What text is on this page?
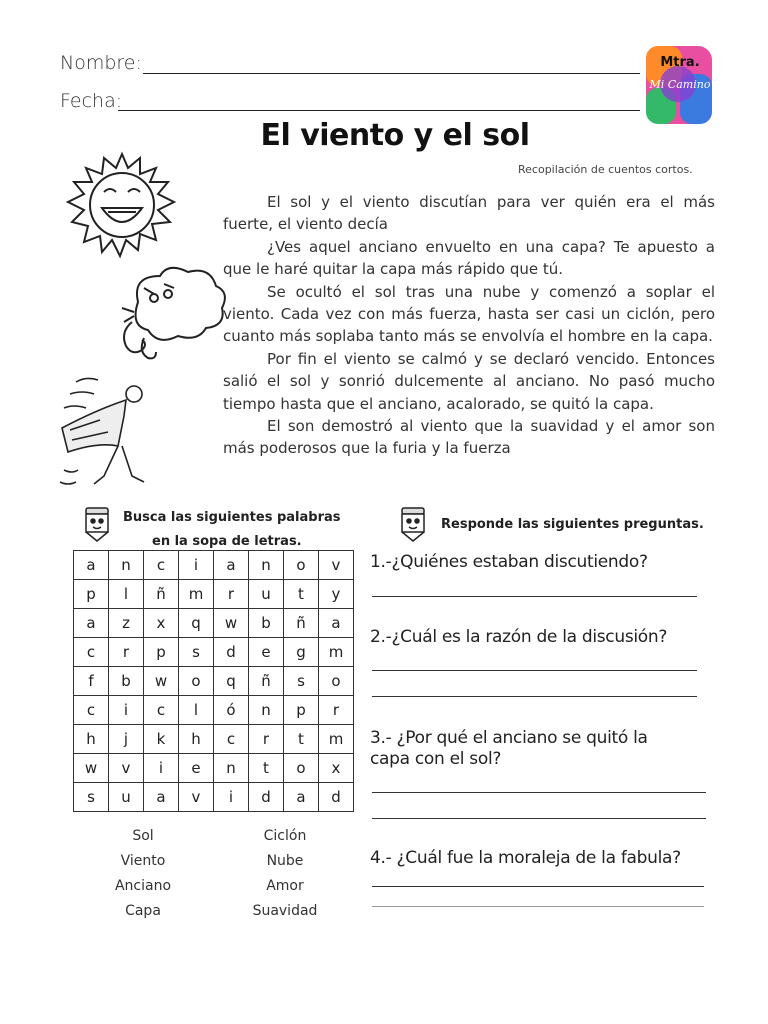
Nombre:
Fecha:
Mtra.
Mi Camino
El viento y el sol
Recopilación de cuentos cortos.

El sol y el viento discutían para ver quién era el más fuerte, el viento decía

¿Ves aquel anciano envuelto en una capa? Te apuesto a que le haré quitar la capa más rápido que tú.

Se ocultó el sol tras una nube y comenzó a soplar el viento. Cada vez con más fuerza, hasta ser casi un ciclón, pero cuanto más soplaba tanto más se envolvía el hombre en la capa.

Por fin el viento se calmó y se declaró vencido. Entonces salió el sol y sonrió dulcemente al anciano. No pasó mucho tiempo hasta que el anciano, acalorado, se quitó la capa.

El son demostró al viento que la suavidad y el amor son más poderosos que la furia y la fuerza

Busca las siguientes palabras
en la sopa de letras.
a	n	c	i	a	n	o	v
p	l	ñ	m	r	u	t	y
a	z	x	q	w	b	ñ	a
c	r	p	s	d	e	g	m
f	b	w	o	q	ñ	s	o
c	i	c	l	ó	n	p	r
h	j	k	h	c	r	t	m
w	v	i	e	n	t	o	x
s	u	a	v	i	d	a	d
Sol
Viento
Anciano
Capa
Ciclón
Nube
Amor
Suavidad
Responde las siguientes preguntas.
1.-¿Quiénes estaban discutiendo?
2.-¿Cuál es la razón de la discusión?
3.- ¿Por qué el anciano se quitó la capa con el sol?
4.- ¿Cuál fue la moraleja de la fabula?
